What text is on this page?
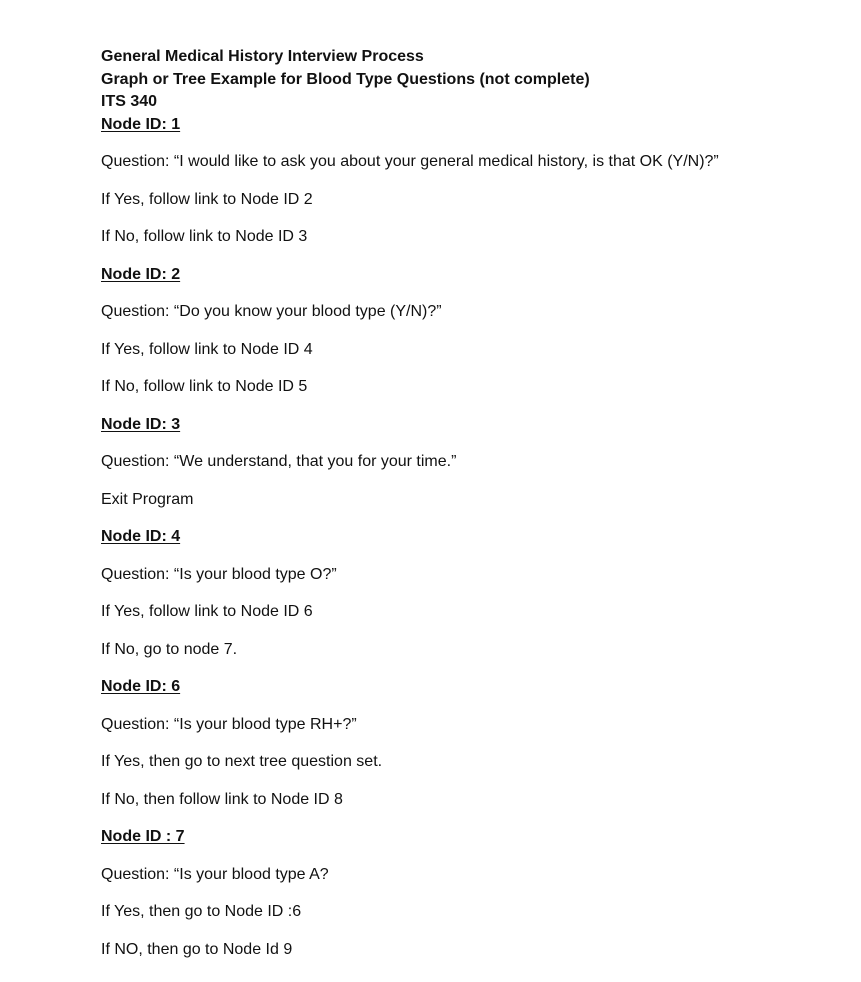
General Medical History Interview Process
Graph or Tree Example for Blood Type Questions (not complete)
ITS 340
Node ID: 1
Question: “I would like to ask you about your general medical history, is that OK (Y/N)?”
If Yes, follow link to Node ID 2
If No, follow link to Node ID 3
Node ID: 2
Question: “Do you know your blood type (Y/N)?”
If Yes, follow link to Node ID 4
If No, follow link to Node ID 5
Node ID: 3
Question: “We understand, that you for your time.”
Exit Program
Node ID: 4
Question: “Is your blood type O?”
If Yes, follow link to Node ID 6
If No, go to node 7.
Node ID: 6
Question: “Is your blood type RH+?”
If Yes, then go to next tree question set.
If No, then follow link to Node ID 8
Node ID : 7
Question: “Is your blood type A?
If Yes, then go to Node ID :6
If NO, then go to Node Id 9
